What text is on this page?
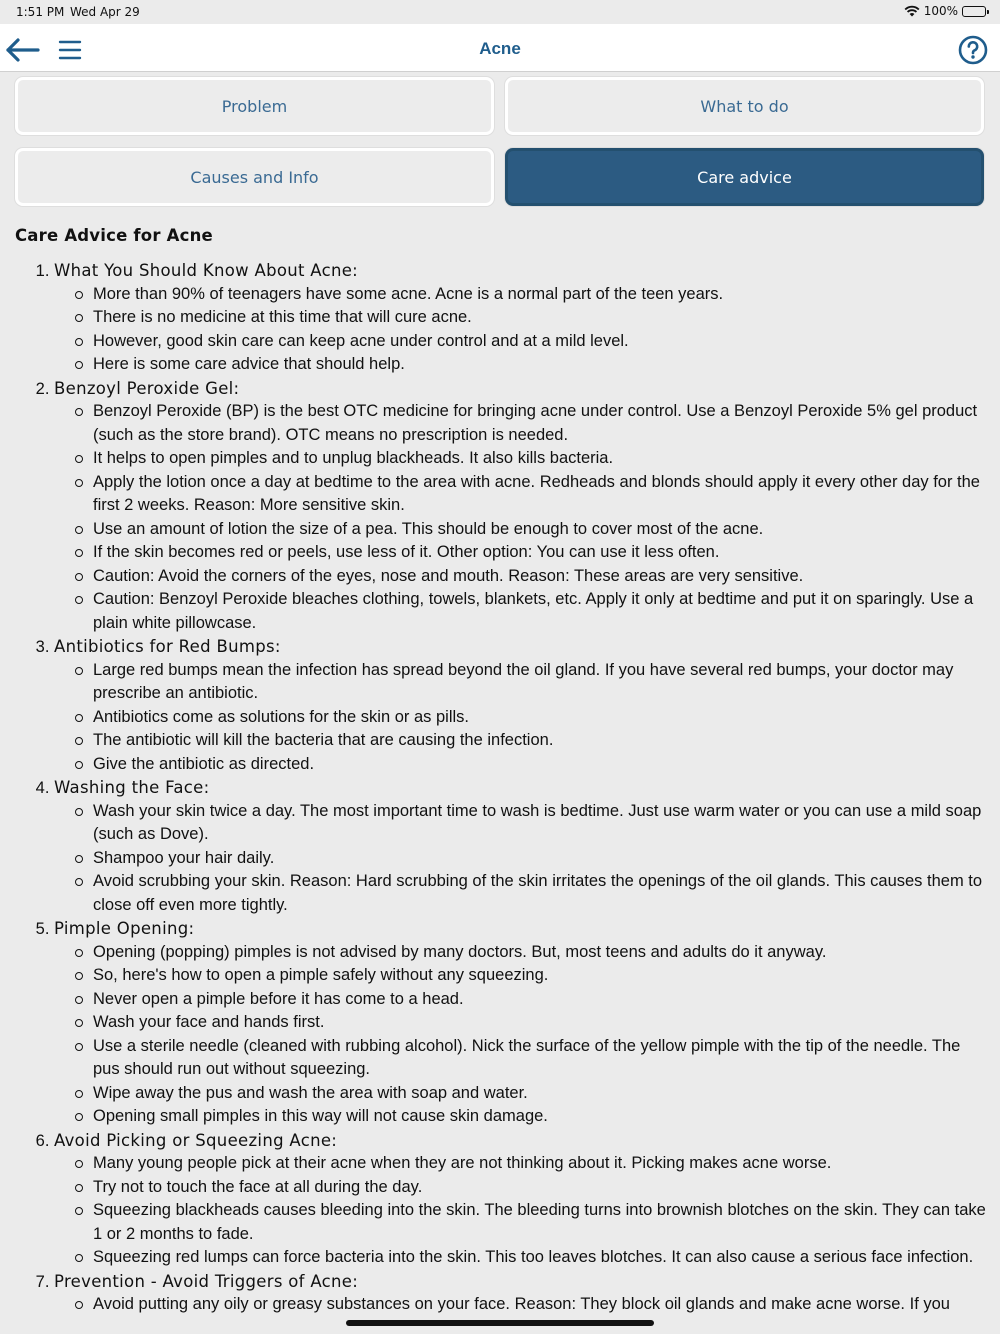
1:51 PM Wed Apr 29	100%
Acne
Problem	What to do
Causes and Info	Care advice
Care Advice for Acne
1. What You Should Know About Acne:
More than 90% of teenagers have some acne. Acne is a normal part of the teen years.
There is no medicine at this time that will cure acne.
However, good skin care can keep acne under control and at a mild level.
Here is some care advice that should help.
2. Benzoyl Peroxide Gel:
Benzoyl Peroxide (BP) is the best OTC medicine for bringing acne under control. Use a Benzoyl Peroxide 5% gel product (such as the store brand). OTC means no prescription is needed.
It helps to open pimples and to unplug blackheads. It also kills bacteria.
Apply the lotion once a day at bedtime to the area with acne. Redheads and blonds should apply it every other day for the first 2 weeks. Reason: More sensitive skin.
Use an amount of lotion the size of a pea. This should be enough to cover most of the acne.
If the skin becomes red or peels, use less of it. Other option: You can use it less often.
Caution: Avoid the corners of the eyes, nose and mouth. Reason: These areas are very sensitive.
Caution: Benzoyl Peroxide bleaches clothing, towels, blankets, etc. Apply it only at bedtime and put it on sparingly. Use a plain white pillowcase.
3. Antibiotics for Red Bumps:
Large red bumps mean the infection has spread beyond the oil gland. If you have several red bumps, your doctor may prescribe an antibiotic.
Antibiotics come as solutions for the skin or as pills.
The antibiotic will kill the bacteria that are causing the infection.
Give the antibiotic as directed.
4. Washing the Face:
Wash your skin twice a day. The most important time to wash is bedtime. Just use warm water or you can use a mild soap (such as Dove).
Shampoo your hair daily.
Avoid scrubbing your skin. Reason: Hard scrubbing of the skin irritates the openings of the oil glands. This causes them to close off even more tightly.
5. Pimple Opening:
Opening (popping) pimples is not advised by many doctors. But, most teens and adults do it anyway.
So, here's how to open a pimple safely without any squeezing.
Never open a pimple before it has come to a head.
Wash your face and hands first.
Use a sterile needle (cleaned with rubbing alcohol). Nick the surface of the yellow pimple with the tip of the needle. The pus should run out without squeezing.
Wipe away the pus and wash the area with soap and water.
Opening small pimples in this way will not cause skin damage.
6. Avoid Picking or Squeezing Acne:
Many young people pick at their acne when they are not thinking about it. Picking makes acne worse.
Try not to touch the face at all during the day.
Squeezing blackheads causes bleeding into the skin. The bleeding turns into brownish blotches on the skin. They can take 1 or 2 months to fade.
Squeezing red lumps can force bacteria into the skin. This too leaves blotches. It can also cause a serious face infection.
7. Prevention - Avoid Triggers of Acne:
Avoid putting any oily or greasy substances on your face. Reason: They block oil glands and make acne worse. If you
